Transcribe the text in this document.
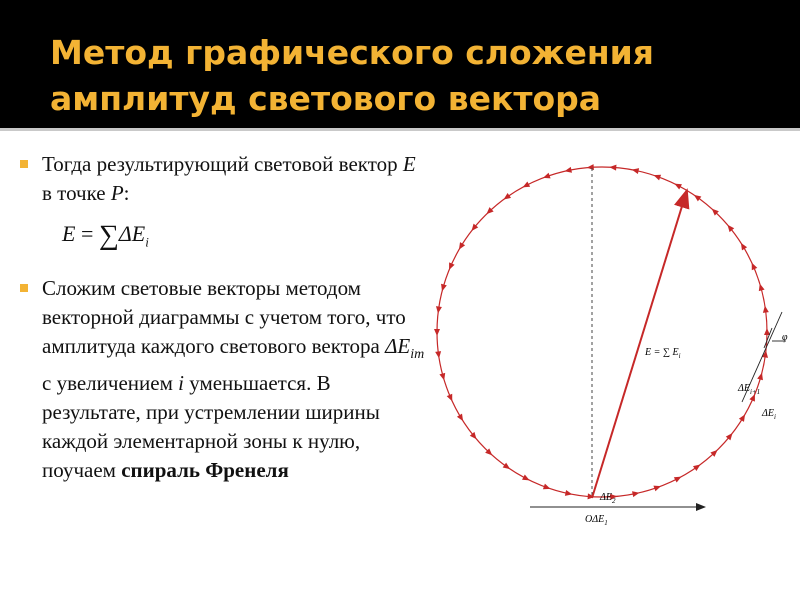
Метод графического сложения
амплитуд светового вектора
Тогда результирующий световой вектор E в точке P:
$E = \sum\Delta E_i$
Сложим световые векторы методом векторной диаграммы с учетом того, что амплитуда каждого светового вектора $\Delta E_{im}$ с увеличением i уменьшается. В результате, при устремлении ширины каждой элементарной зоны к нулю, поучаем спираль Френеля
E = ∑ $E_i$
$\Delta E_{i+1}$
$\Delta E_i$
φ
$\Delta E_2$
$O\Delta E_1$
